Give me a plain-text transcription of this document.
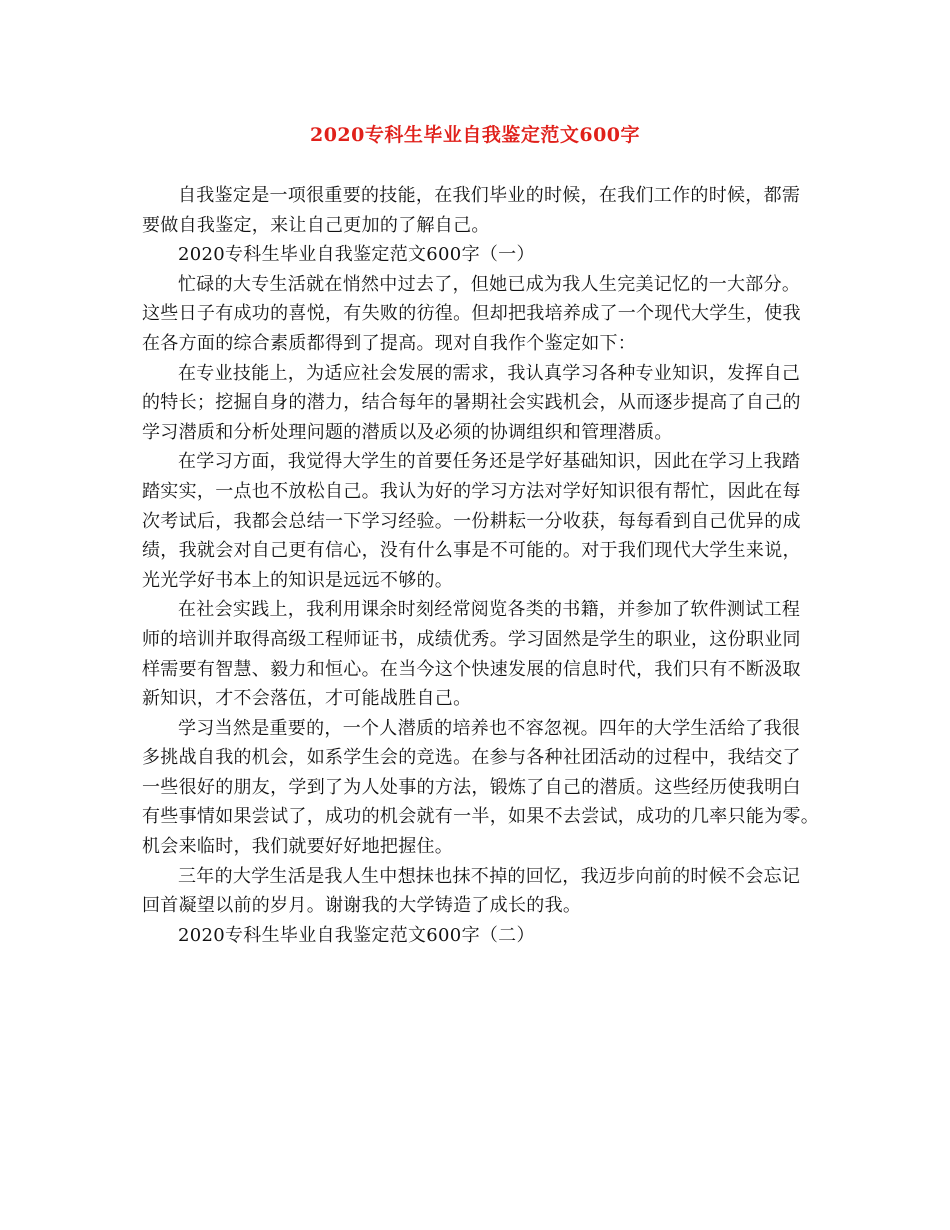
2020专科生毕业自我鉴定范文600字

自我鉴定是一项很重要的技能，在我们毕业的时候，在我们工作的时候，都需
要做自我鉴定，来让自己更加的了解自己。

2020专科生毕业自我鉴定范文600字（一）

忙碌的大专生活就在悄然中过去了，但她已成为我人生完美记忆的一大部分。
这些日子有成功的喜悦，有失败的彷徨。但却把我培养成了一个现代大学生，使我
在各方面的综合素质都得到了提高。现对自我作个鉴定如下：

在专业技能上，为适应社会发展的需求，我认真学习各种专业知识，发挥自己
的特长；挖掘自身的潜力，结合每年的暑期社会实践机会，从而逐步提高了自己的
学习潜质和分析处理问题的潜质以及必须的协调组织和管理潜质。

在学习方面，我觉得大学生的首要任务还是学好基础知识，因此在学习上我踏
踏实实，一点也不放松自己。我认为好的学习方法对学好知识很有帮忙，因此在每
次考试后，我都会总结一下学习经验。一份耕耘一分收获，每每看到自己优异的成
绩，我就会对自己更有信心，没有什么事是不可能的。对于我们现代大学生来说，
光光学好书本上的知识是远远不够的。

在社会实践上，我利用课余时刻经常阅览各类的书籍，并参加了软件测试工程
师的培训并取得高级工程师证书，成绩优秀。学习固然是学生的职业，这份职业同
样需要有智慧、毅力和恒心。在当今这个快速发展的信息时代，我们只有不断汲取
新知识，才不会落伍，才可能战胜自己。

学习当然是重要的，一个人潜质的培养也不容忽视。四年的大学生活给了我很
多挑战自我的机会，如系学生会的竞选。在参与各种社团活动的过程中，我结交了
一些很好的朋友，学到了为人处事的方法，锻炼了自己的潜质。这些经历使我明白
有些事情如果尝试了，成功的机会就有一半，如果不去尝试，成功的几率只能为零。
机会来临时，我们就要好好地把握住。

三年的大学生活是我人生中想抹也抹不掉的回忆，我迈步向前的时候不会忘记
回首凝望以前的岁月。谢谢我的大学铸造了成长的我。

2020专科生毕业自我鉴定范文600字（二）
